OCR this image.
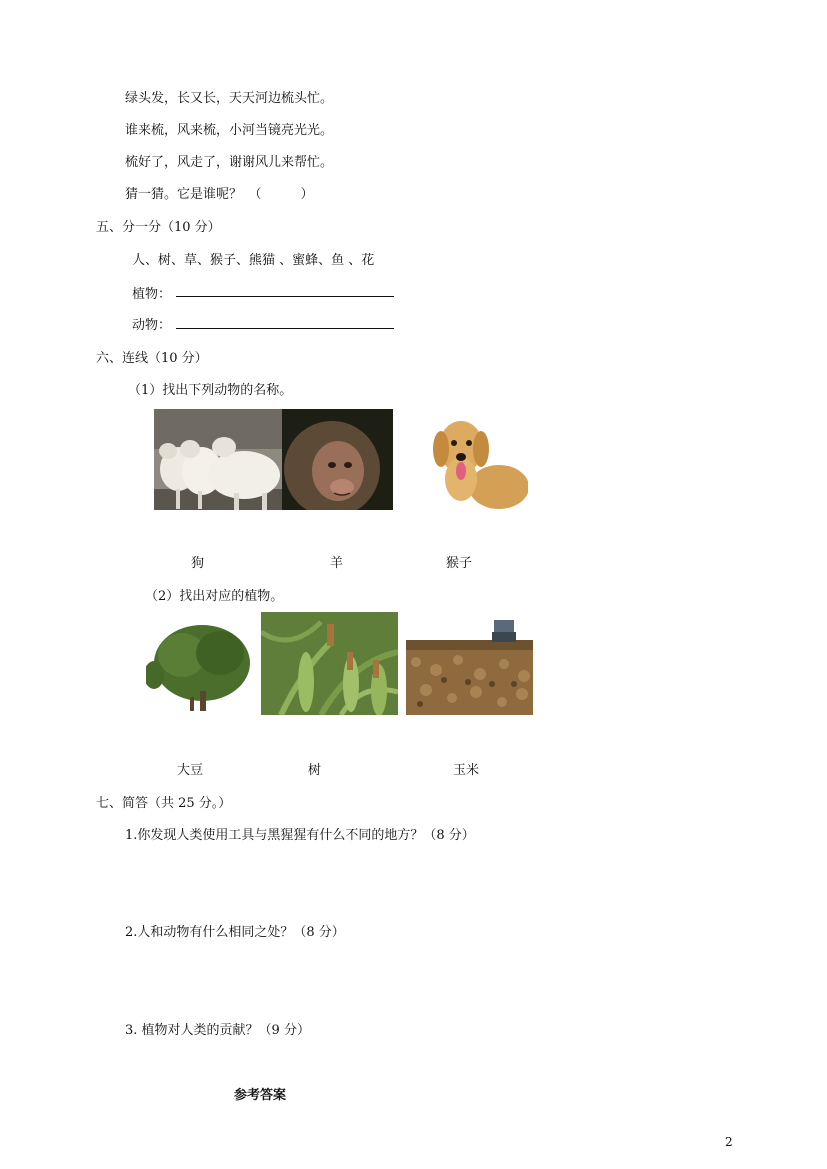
绿头发，长又长，天天河边梳头忙。
谁来梳，风来梳，小河当镜亮光光。
梳好了，风走了，谢谢风儿来帮忙。
猜一猜。它是谁呢？　（　　　）
五、分一分（10 分）
人、树、草、猴子、熊猫 、蜜蜂、鱼 、花
植物：
动物：
六、连线（10 分）
（1）找出下列动物的名称。
狗	羊	猴子
（2）找出对应的植物。
大豆	树	玉米
七、简答（共 25 分。）
1.你发现人类使用工具与黑猩猩有什么不同的地方？（8 分）
2.人和动物有什么相同之处？（8 分）
3. 植物对人类的贡献？（9 分）
参考答案
2
